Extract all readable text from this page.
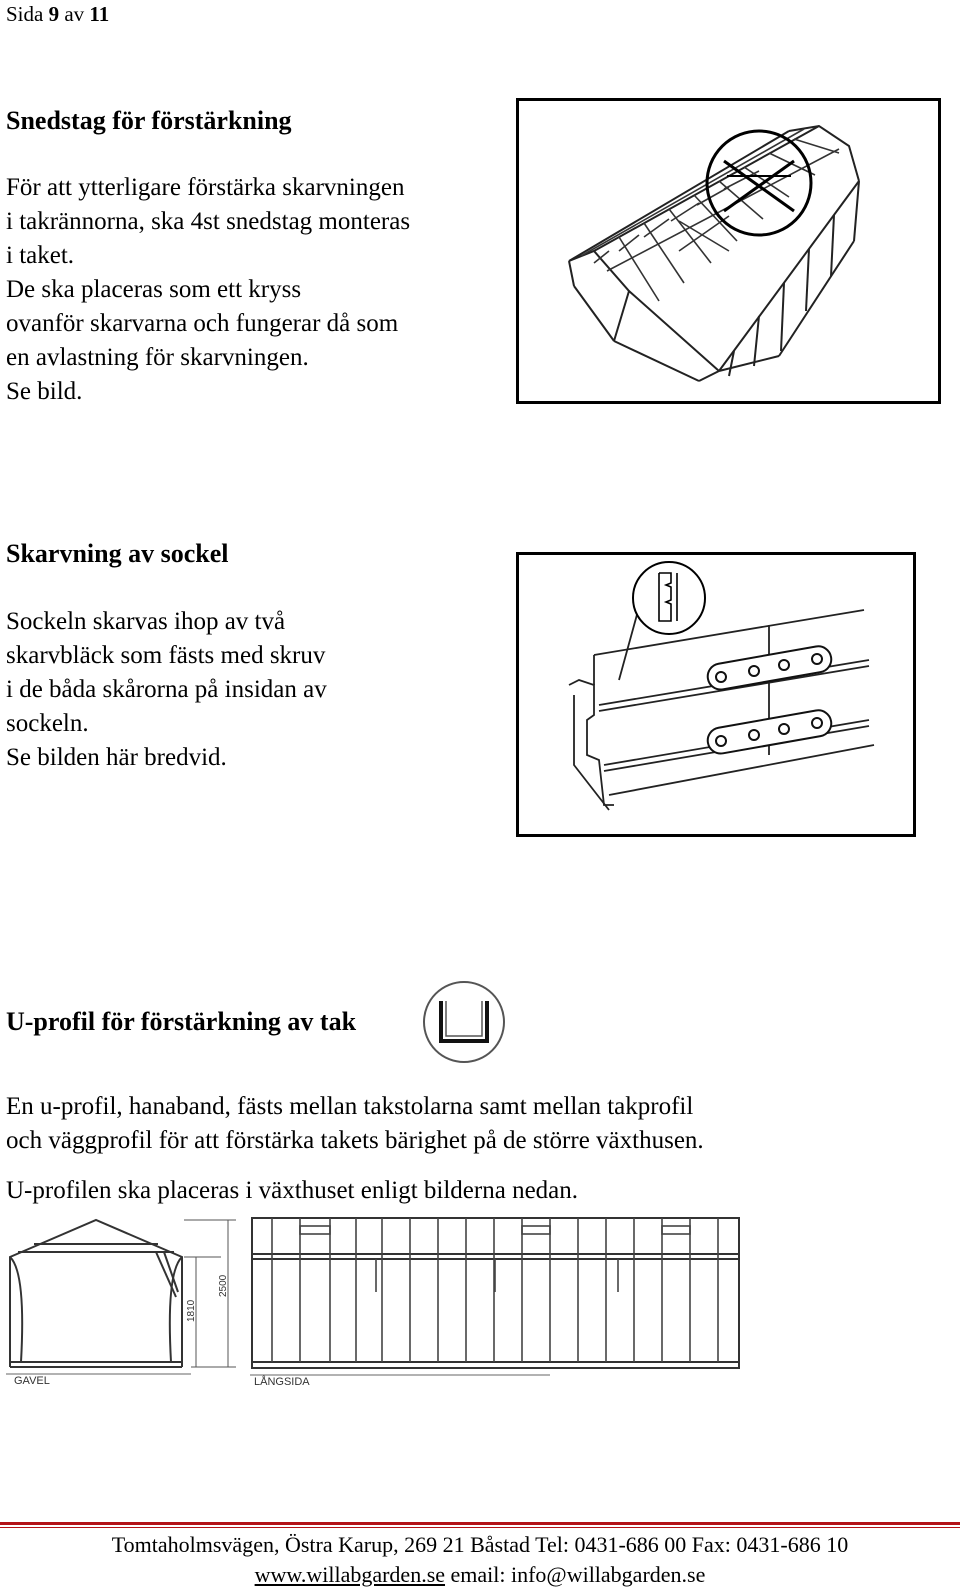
Sida 9 av 11
Snedstag för förstärkning
För att ytterligare förstärka skarvningen
i takrännorna, ska 4st snedstag monteras
i taket.
De ska placeras som ett kryss
ovanför skarvarna och fungerar då som
en avlastning för skarvningen.
Se bild.
Skarvning av sockel
Sockeln skarvas ihop av två
skarvbläck som fästs med skruv
i de båda skårorna på insidan av
sockeln.
Se bilden här bredvid.
U-profil för förstärkning av tak
En u-profil, hanaband, fästs mellan takstolarna samt mellan takprofil
och väggprofil för att förstärka takets bärighet på de större växthusen.
U-profilen ska placeras i växthuset enligt bilderna nedan.
1810
2500
GAVEL	LÅNGSIDA
Tomtaholmsvägen, Östra Karup, 269 21 Båstad Tel: 0431-686 00 Fax: 0431-686 10
www.willabgarden.se email: info@willabgarden.se
